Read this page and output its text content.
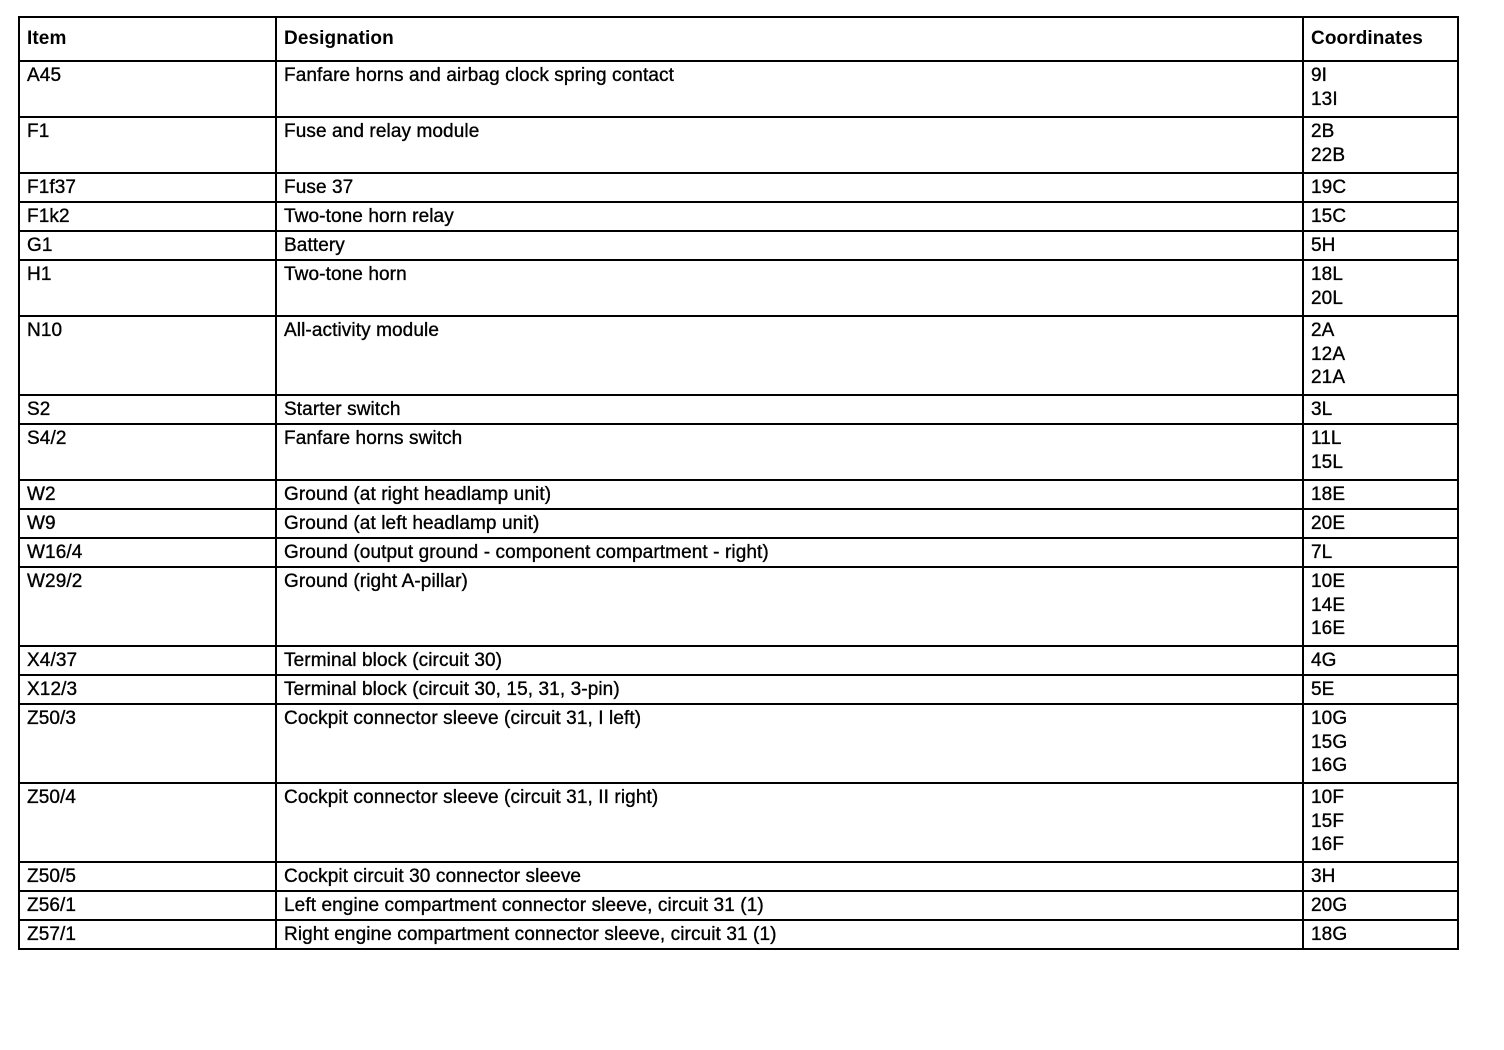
Item	Designation	Coordinates
A45	Fanfare horns and airbag clock spring contact	9I
13I

F1	Fuse and relay module	2B
22B

F1f37	Fuse 37	19C

F1k2	Two-tone horn relay	15C

G1	Battery	5H

H1	Two-tone horn	18L
20L

N10	All-activity module	2A
12A
21A

S2	Starter switch	3L

S4/2	Fanfare horns switch	11L
15L

W2	Ground (at right headlamp unit)	18E

W9	Ground (at left headlamp unit)	20E

W16/4	Ground (output ground - component compartment - right)	7L

W29/2	Ground (right A-pillar)	10E
14E
16E

X4/37	Terminal block (circuit 30)	4G

X12/3	Terminal block (circuit 30, 15, 31, 3-pin)	5E

Z50/3	Cockpit connector sleeve (circuit 31, I left)	10G
15G
16G

Z50/4	Cockpit connector sleeve (circuit 31, II right)	10F
15F
16F

Z50/5	Cockpit circuit 30 connector sleeve	3H

Z56/1	Left engine compartment connector sleeve, circuit 31 (1)	20G

Z57/1	Right engine compartment connector sleeve, circuit 31 (1)	18G
